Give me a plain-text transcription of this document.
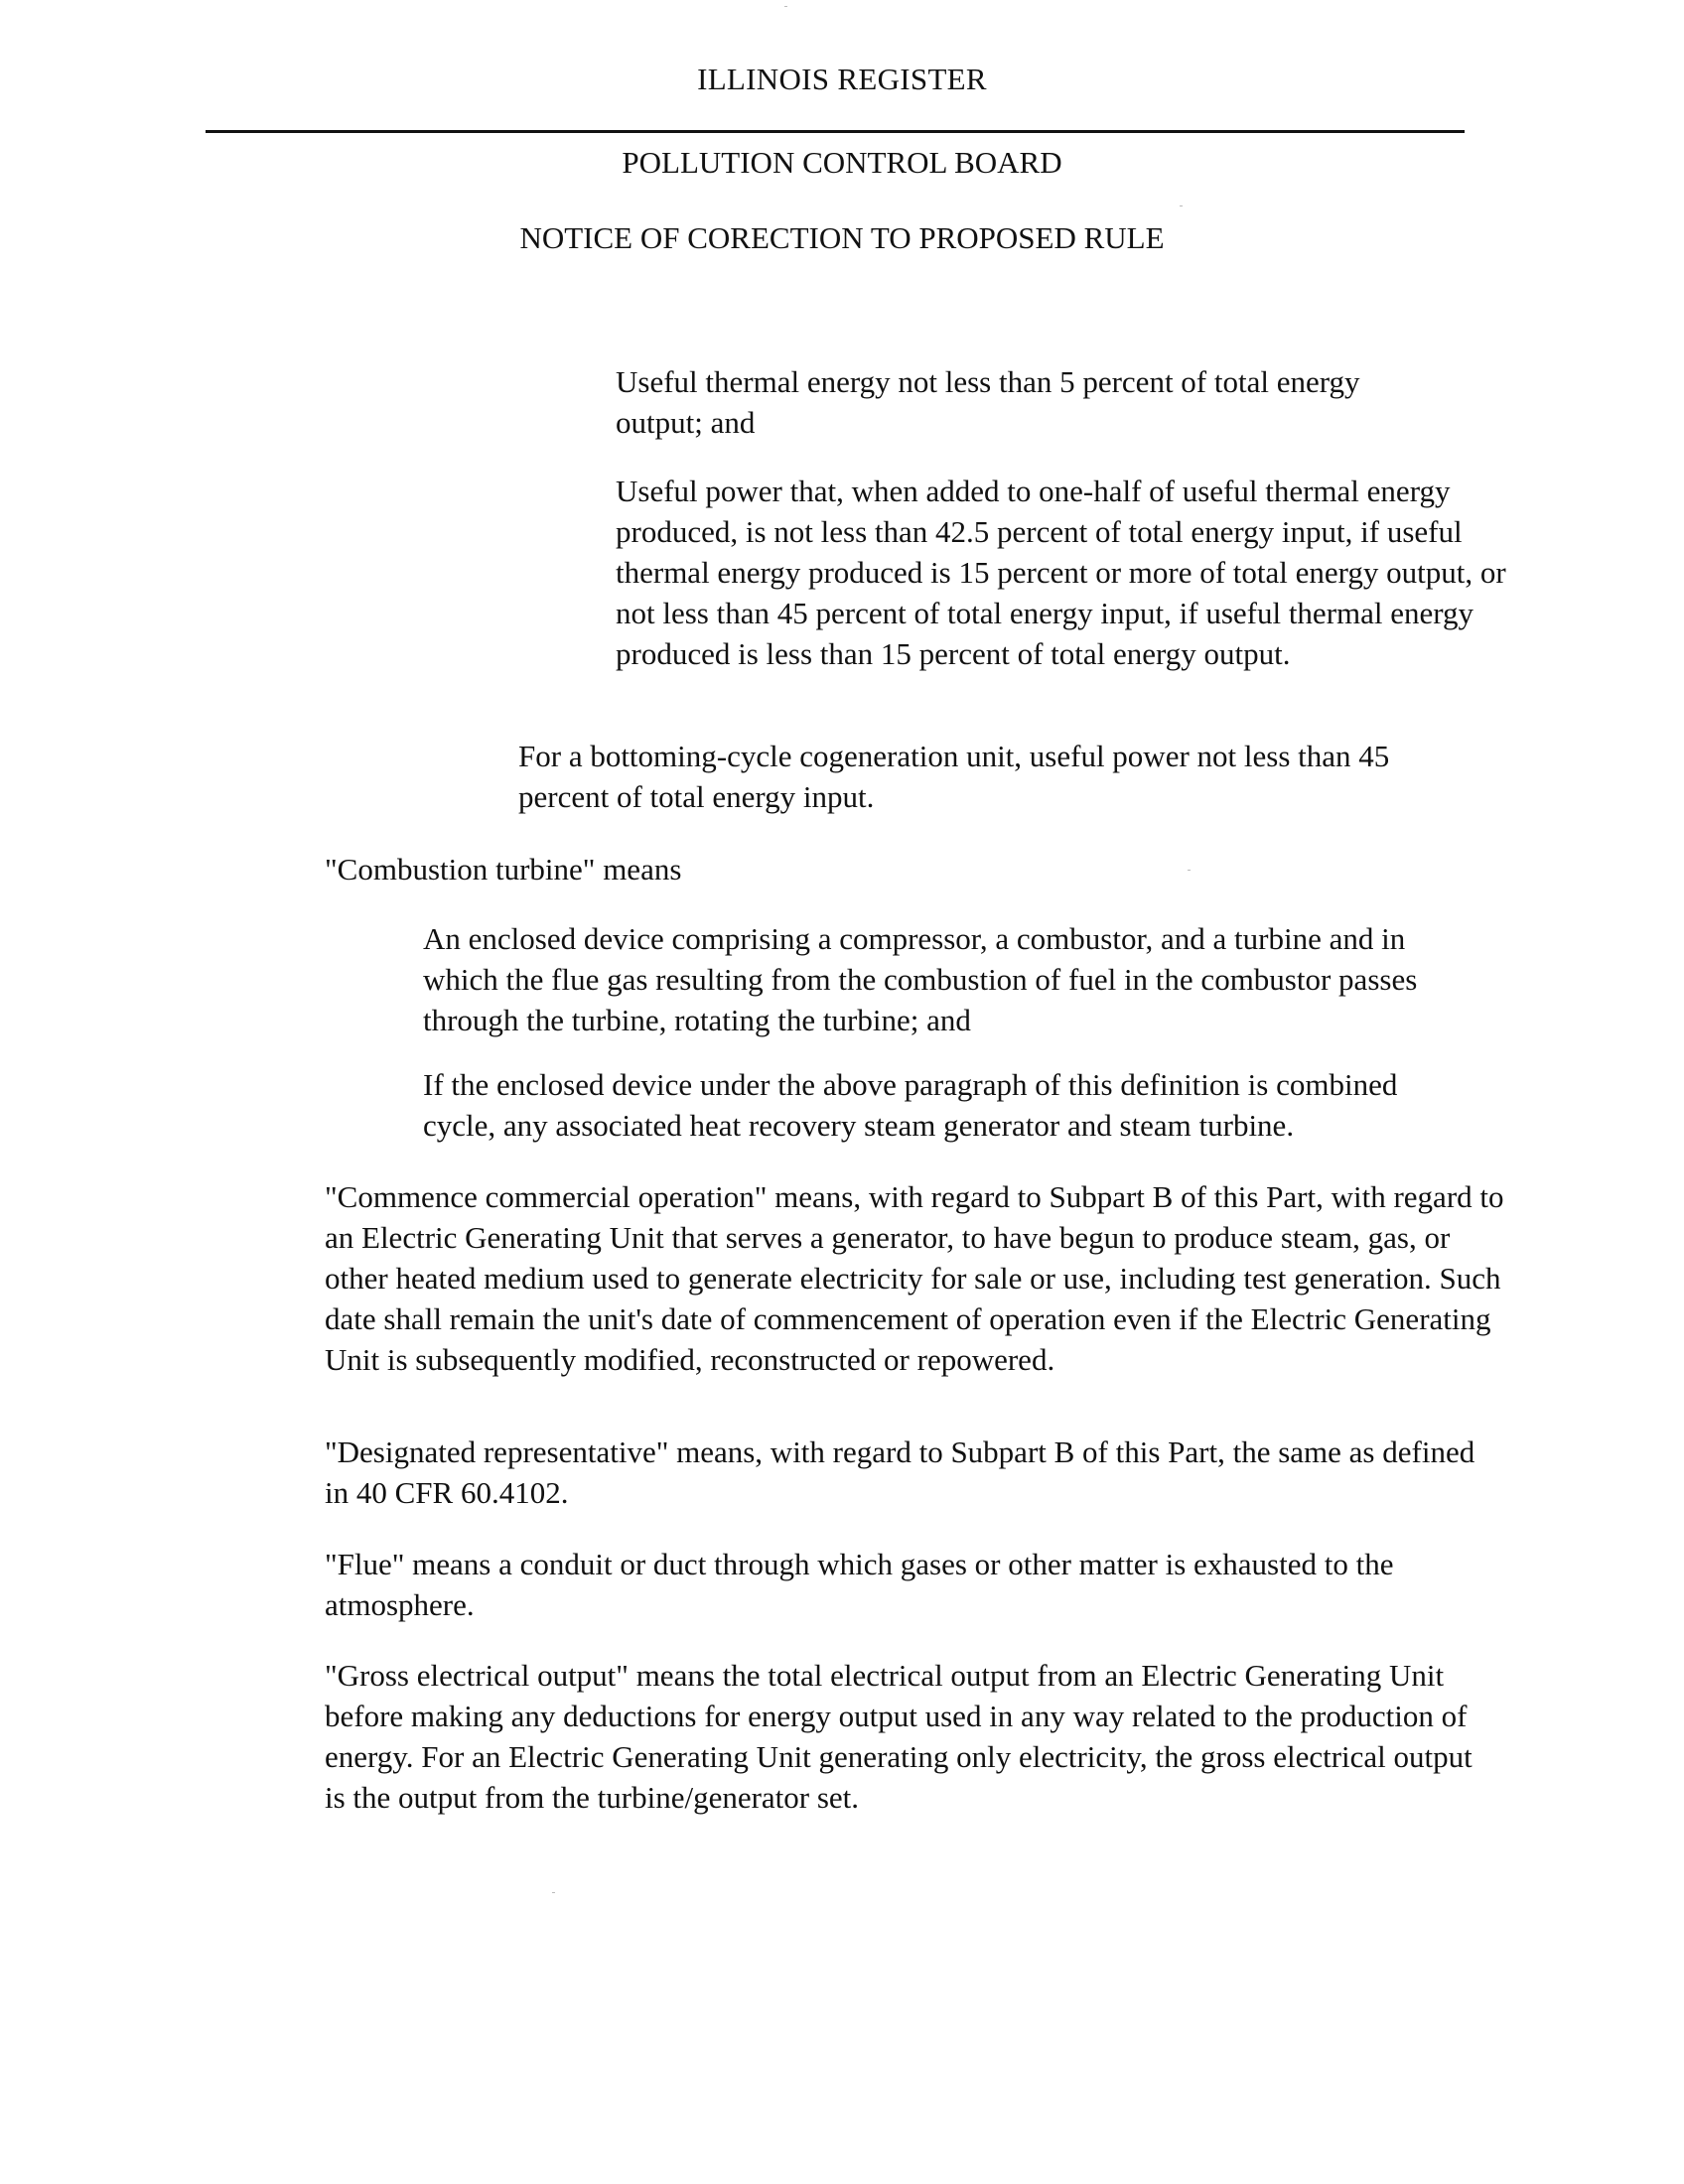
ILLINOIS REGISTER
POLLUTION CONTROL BOARD
NOTICE OF CORECTION TO PROPOSED RULE

Useful thermal energy not less than 5 percent of total energy output; and

Useful power that, when added to one-half of useful thermal energy produced, is not less than 42.5 percent of total energy input, if useful thermal energy produced is 15 percent or more of total energy output, or not less than 45 percent of total energy input, if useful thermal energy produced is less than 15 percent of total energy output.

For a bottoming-cycle cogeneration unit, useful power not less than 45 percent of total energy input.

"Combustion turbine" means

An enclosed device comprising a compressor, a combustor, and a turbine and in which the flue gas resulting from the combustion of fuel in the combustor passes through the turbine, rotating the turbine; and

If the enclosed device under the above paragraph of this definition is combined cycle, any associated heat recovery steam generator and steam turbine.

"Commence commercial operation" means, with regard to Subpart B of this Part, with regard to an Electric Generating Unit that serves a generator, to have begun to produce steam, gas, or other heated medium used to generate electricity for sale or use, including test generation. Such date shall remain the unit's date of commencement of operation even if the Electric Generating Unit is subsequently modified, reconstructed or repowered.

"Designated representative" means, with regard to Subpart B of this Part, the same as defined in 40 CFR 60.4102.

"Flue" means a conduit or duct through which gases or other matter is exhausted to the atmosphere.

"Gross electrical output" means the total electrical output from an Electric Generating Unit before making any deductions for energy output used in any way related to the production of energy. For an Electric Generating Unit generating only electricity, the gross electrical output is the output from the turbine/generator set.
